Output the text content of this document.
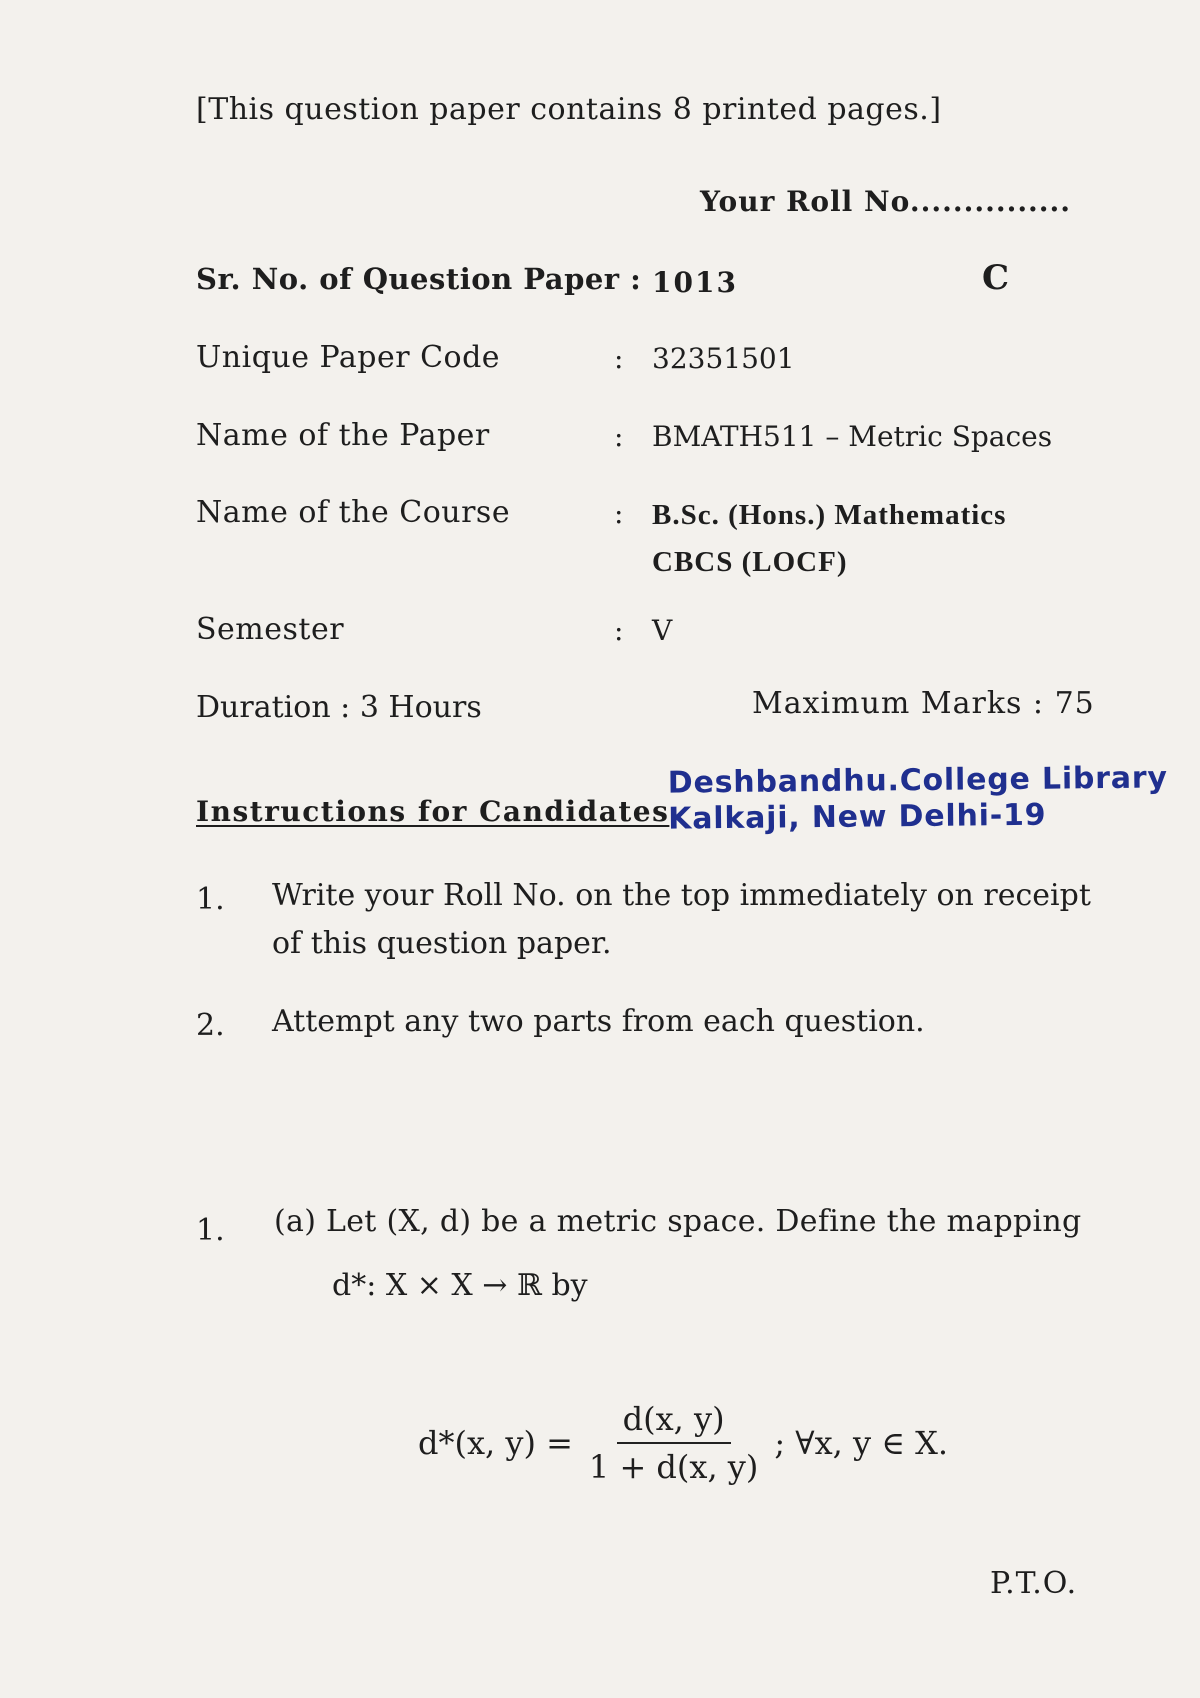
[This question paper contains 8 printed pages.]
Your Roll No...............
Sr. No. of Question Paper : 1013	C
Unique Paper Code	: 32351501
Name of the Paper	: BMATH511 – Metric Spaces
Name of the Course	: B.Sc. (Hons.) Mathematics
CBCS (LOCF)
Semester	: V
Duration : 3 Hours	Maximum Marks : 75
Instructions for Candidates
Deshbandhu.College Library
Kalkaji, New Delhi-19
1. Write your Roll No. on the top immediately on receipt of this question paper.
2. Attempt any two parts from each question.
1. (a) Let (X, d) be a metric space. Define the mapping
d*: X × X → ℝ by
d*(x, $y) = \frac{d(x, y)}{1 + d(x, y)}$ ; ∀x, y ∈ X.
P.T.O.
